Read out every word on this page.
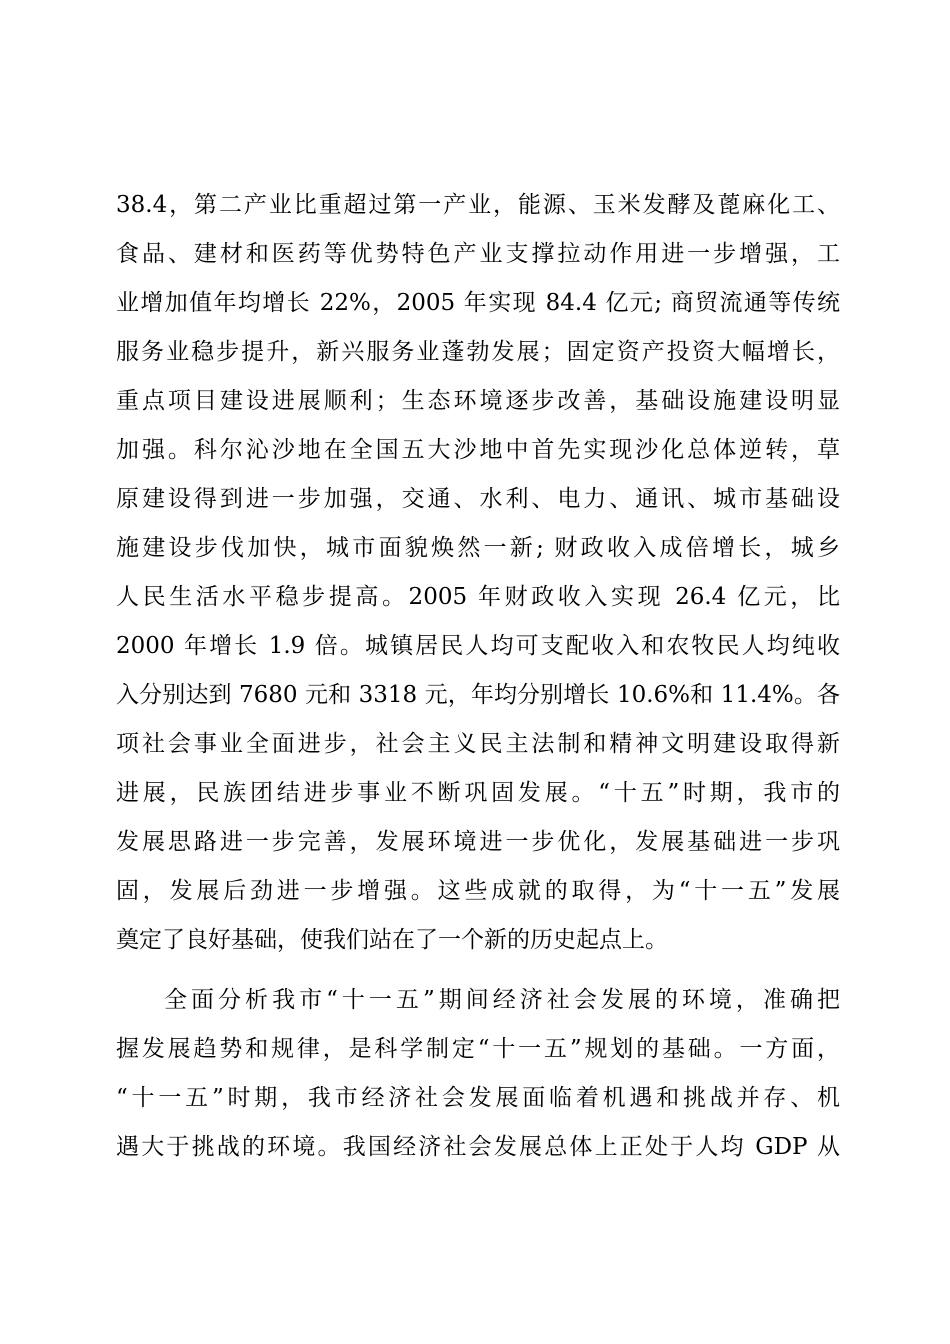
38.4，第二产业比重超过第一产业，能源、玉米发酵及蓖麻化工、
食品、建材和医药等优势特色产业支撑拉动作用进一步增强，工
业增加值年均增长 22%，2005 年实现 84.4 亿元; 商贸流通等传统
服务业稳步提升，新兴服务业蓬勃发展；固定资产投资大幅增长，
重点项目建设进展顺利；生态环境逐步改善，基础设施建设明显
加强。科尔沁沙地在全国五大沙地中首先实现沙化总体逆转，草
原建设得到进一步加强，交通、水利、电力、通讯、城市基础设
施建设步伐加快，城市面貌焕然一新; 财政收入成倍增长，城乡
人民生活水平稳步提高。2005 年财政收入实现 26.4 亿元，比
2000 年增长 1.9 倍。城镇居民人均可支配收入和农牧民人均纯收
入分别达到 7680 元和 3318 元，年均分别增长 10.6%和 11.4%。各
项社会事业全面进步，社会主义民主法制和精神文明建设取得新
进展，民族团结进步事业不断巩固发展。“十五”时期，我市的
发展思路进一步完善，发展环境进一步优化，发展基础进一步巩
固，发展后劲进一步增强。这些成就的取得，为“十一五”发展
奠定了良好基础，使我们站在了一个新的历史起点上。
全面分析我市“十一五”期间经济社会发展的环境，准确把
握发展趋势和规律，是科学制定“十一五”规划的基础。一方面，
“十一五”时期，我市经济社会发展面临着机遇和挑战并存、机
遇大于挑战的环境。我国经济社会发展总体上正处于人均 GDP 从
